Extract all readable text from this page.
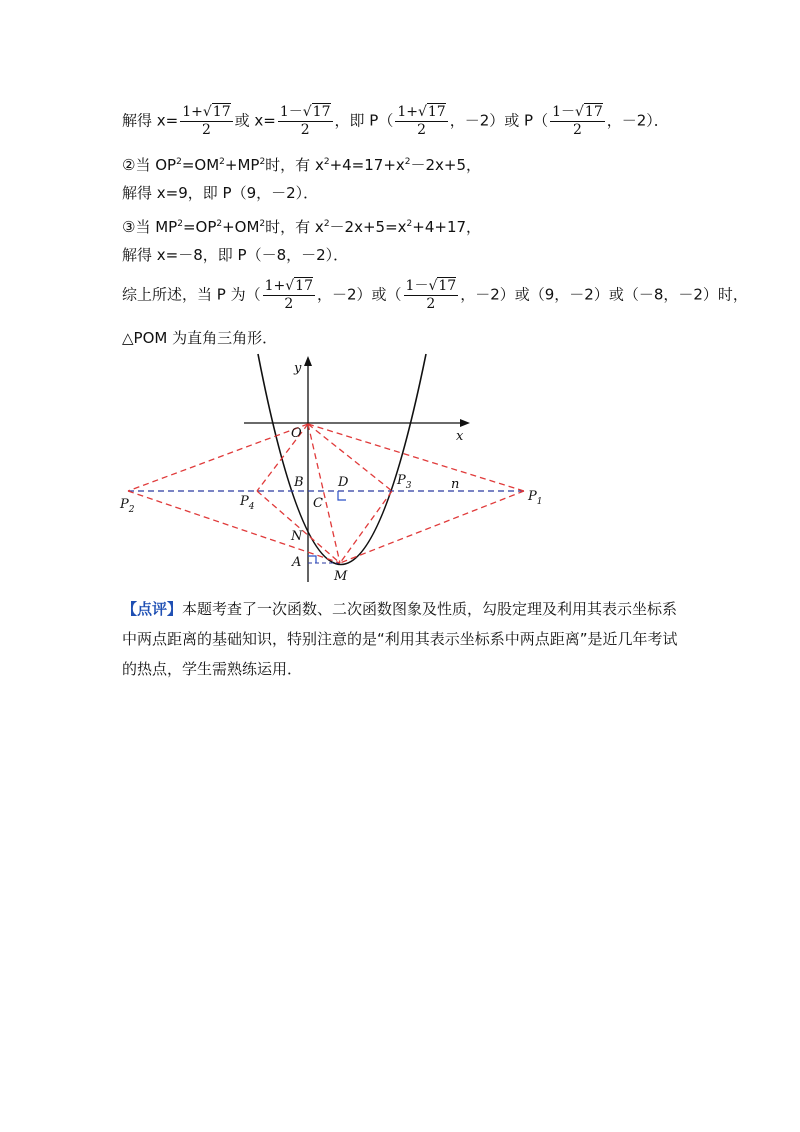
解得 $x= \frac{1+√17}{2}$ 或 $x= \frac{1-√17}{2}$ ，即 $P( \frac{1+√17}{2}$ ，－2）或 $P( \frac{1-√17}{2}$ ，－2）．
②当 $OP^2=OM^2+MP^2$时，有 $x^2+4=17+x^2-2x+5$，
解得 x=9，即 P（9，－2）．
③当 $MP^2=OP^2+OM^2$时，有 $x^2-2x+5=x^2+4+17$，
解得 x=－8，即 P（－8，－2）．
综上所述，当 P 为（ $\frac{1+√17}{2}$ ，－2）或（ $\frac{1-√17}{2}$ ，－2）或（9，－2）或（－8，－2）时，
△POM 为直角三角形．
y
x
O
B	D	$P_3$	n
$P_1$
$P_2$
$P_4$	C
N
A
M
【点评】本题考查了一次函数、二次函数图象及性质，勾股定理及利用其表示坐标系中两点距离的基础知识，特别注意的是“利用其表示坐标系中两点距离”是近几年考试的热点，学生需熟练运用．
